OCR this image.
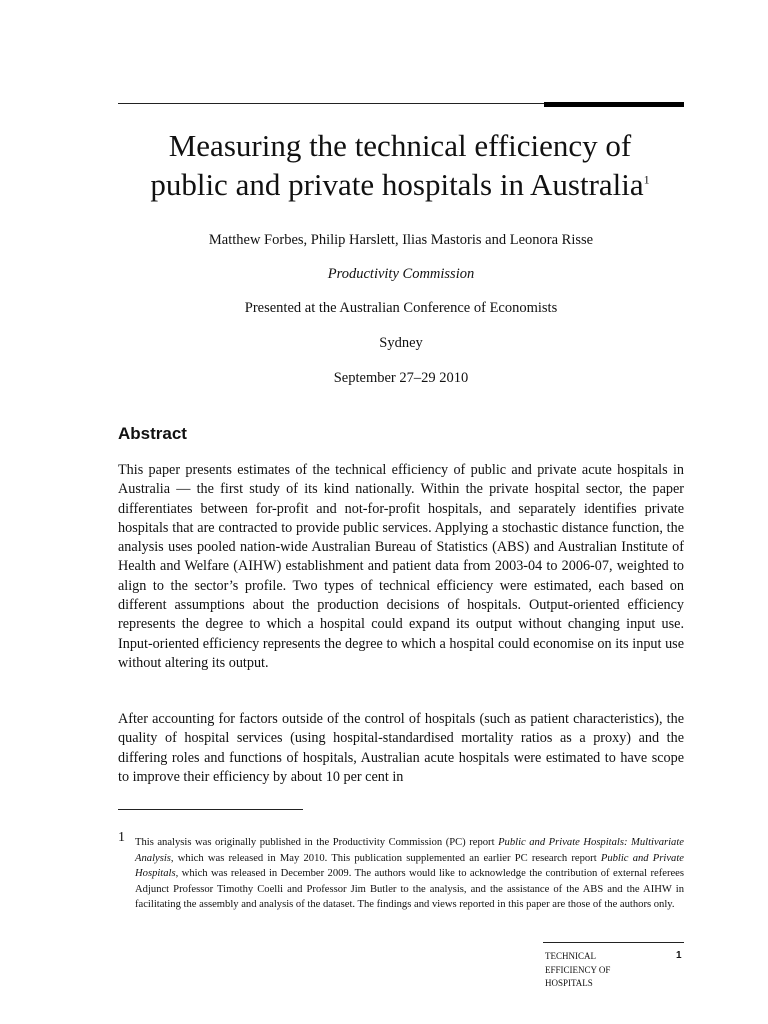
Measuring the technical efficiency of
public and private hospitals in Australia$^1$
Matthew Forbes, Philip Harslett, Ilias Mastoris and Leonora Risse
Productivity Commission
Presented at the Australian Conference of Economists
Sydney
September 27–29 2010
Abstract

This paper presents estimates of the technical efficiency of public and private acute hospitals in Australia — the first study of its kind nationally. Within the private hospital sector, the paper differentiates between for-profit and not-for-profit hospitals, and separately identifies private hospitals that are contracted to provide public services. Applying a stochastic distance function, the analysis uses pooled nation-wide Australian Bureau of Statistics (ABS) and Australian Institute of Health and Welfare (AIHW) establishment and patient data from 2003-04 to 2006-07, weighted to align to the sector’s profile. Two types of technical efficiency were estimated, each based on different assumptions about the production decisions of hospitals. Output-oriented efficiency represents the degree to which a hospital could expand its output without changing input use. Input-oriented efficiency represents the degree to which a hospital could economise on its input use without altering its output.

After accounting for factors outside of the control of hospitals (such as patient characteristics), the quality of hospital services (using hospital-standardised mortality ratios as a proxy) and the differing roles and functions of hospitals, Australian acute hospitals were estimated to have scope to improve their efficiency by about 10 per cent in

1 This analysis was originally published in the Productivity Commission (PC) report Public and Private Hospitals: Multivariate Analysis, which was released in May 2010. This publication supplemented an earlier PC research report Public and Private Hospitals, which was released in December 2009. The authors would like to acknowledge the contribution of external referees Adjunct Professor Timothy Coelli and Professor Jim Butler to the analysis, and the assistance of the ABS and the AIHW in facilitating the assembly and analysis of the dataset. The findings and views reported in this paper are those of the authors only.

TECHNICAL
EFFICIENCY OF
HOSPITALS
1
